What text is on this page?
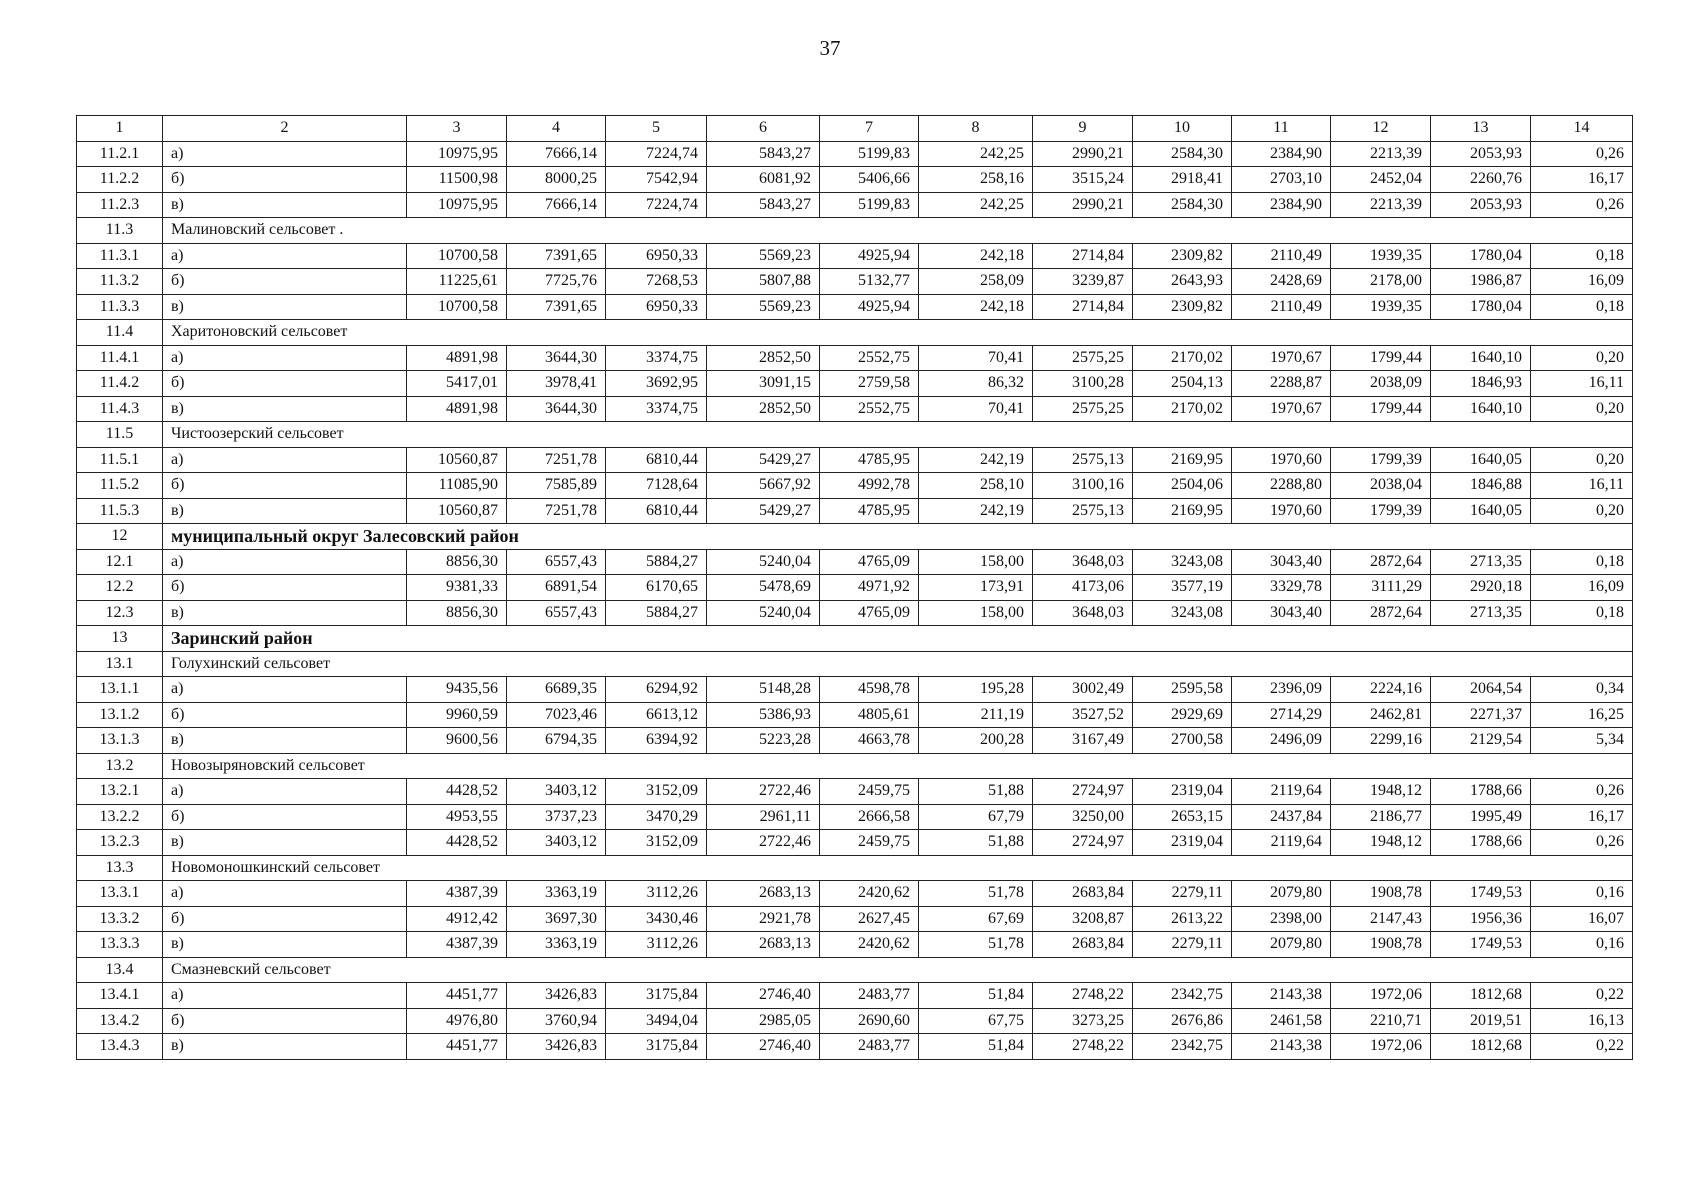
37
1	2	3	4	5	6	7	8	9	10	11	12	13	14
11.2.1	а)	10975,95	7666,14	7224,74	5843,27	5199,83	242,25	2990,21	2584,30	2384,90	2213,39	2053,93	0,26
11.2.2	б)	11500,98	8000,25	7542,94	6081,92	5406,66	258,16	3515,24	2918,41	2703,10	2452,04	2260,76	16,17
11.2.3	в)	10975,95	7666,14	7224,74	5843,27	5199,83	242,25	2990,21	2584,30	2384,90	2213,39	2053,93	0,26
11.3	Малиновский сельсовет .												
11.3.1	а)	10700,58	7391,65	6950,33	5569,23	4925,94	242,18	2714,84	2309,82	2110,49	1939,35	1780,04	0,18
11.3.2	б)	11225,61	7725,76	7268,53	5807,88	5132,77	258,09	3239,87	2643,93	2428,69	2178,00	1986,87	16,09
11.3.3	в)	10700,58	7391,65	6950,33	5569,23	4925,94	242,18	2714,84	2309,82	2110,49	1939,35	1780,04	0,18
11.4	Харитоновский сельсовет												
11.4.1	а)	4891,98	3644,30	3374,75	2852,50	2552,75	70,41	2575,25	2170,02	1970,67	1799,44	1640,10	0,20
11.4.2	б)	5417,01	3978,41	3692,95	3091,15	2759,58	86,32	3100,28	2504,13	2288,87	2038,09	1846,93	16,11
11.4.3	в)	4891,98	3644,30	3374,75	2852,50	2552,75	70,41	2575,25	2170,02	1970,67	1799,44	1640,10	0,20
11.5	Чистоозерский сельсовет												
11.5.1	а)	10560,87	7251,78	6810,44	5429,27	4785,95	242,19	2575,13	2169,95	1970,60	1799,39	1640,05	0,20
11.5.2	б)	11085,90	7585,89	7128,64	5667,92	4992,78	258,10	3100,16	2504,06	2288,80	2038,04	1846,88	16,11
11.5.3	в)	10560,87	7251,78	6810,44	5429,27	4785,95	242,19	2575,13	2169,95	1970,60	1799,39	1640,05	0,20
12	муниципальный округ Залесовский район												
12.1	а)	8856,30	6557,43	5884,27	5240,04	4765,09	158,00	3648,03	3243,08	3043,40	2872,64	2713,35	0,18
12.2	б)	9381,33	6891,54	6170,65	5478,69	4971,92	173,91	4173,06	3577,19	3329,78	3111,29	2920,18	16,09
12.3	в)	8856,30	6557,43	5884,27	5240,04	4765,09	158,00	3648,03	3243,08	3043,40	2872,64	2713,35	0,18
13	Заринский район												
13.1	Голухинский сельсовет												
13.1.1	а)	9435,56	6689,35	6294,92	5148,28	4598,78	195,28	3002,49	2595,58	2396,09	2224,16	2064,54	0,34
13.1.2	б)	9960,59	7023,46	6613,12	5386,93	4805,61	211,19	3527,52	2929,69	2714,29	2462,81	2271,37	16,25
13.1.3	в)	9600,56	6794,35	6394,92	5223,28	4663,78	200,28	3167,49	2700,58	2496,09	2299,16	2129,54	5,34
13.2	Новозыряновский сельсовет												
13.2.1	а)	4428,52	3403,12	3152,09	2722,46	2459,75	51,88	2724,97	2319,04	2119,64	1948,12	1788,66	0,26
13.2.2	б)	4953,55	3737,23	3470,29	2961,11	2666,58	67,79	3250,00	2653,15	2437,84	2186,77	1995,49	16,17
13.2.3	в)	4428,52	3403,12	3152,09	2722,46	2459,75	51,88	2724,97	2319,04	2119,64	1948,12	1788,66	0,26
13.3	Новомоношкинский сельсовет												
13.3.1	а)	4387,39	3363,19	3112,26	2683,13	2420,62	51,78	2683,84	2279,11	2079,80	1908,78	1749,53	0,16
13.3.2	б)	4912,42	3697,30	3430,46	2921,78	2627,45	67,69	3208,87	2613,22	2398,00	2147,43	1956,36	16,07
13.3.3	в)	4387,39	3363,19	3112,26	2683,13	2420,62	51,78	2683,84	2279,11	2079,80	1908,78	1749,53	0,16
13.4	Смазневский сельсовет												
13.4.1	а)	4451,77	3426,83	3175,84	2746,40	2483,77	51,84	2748,22	2342,75	2143,38	1972,06	1812,68	0,22
13.4.2	б)	4976,80	3760,94	3494,04	2985,05	2690,60	67,75	3273,25	2676,86	2461,58	2210,71	2019,51	16,13
13.4.3	в)	4451,77	3426,83	3175,84	2746,40	2483,77	51,84	2748,22	2342,75	2143,38	1972,06	1812,68	0,22
